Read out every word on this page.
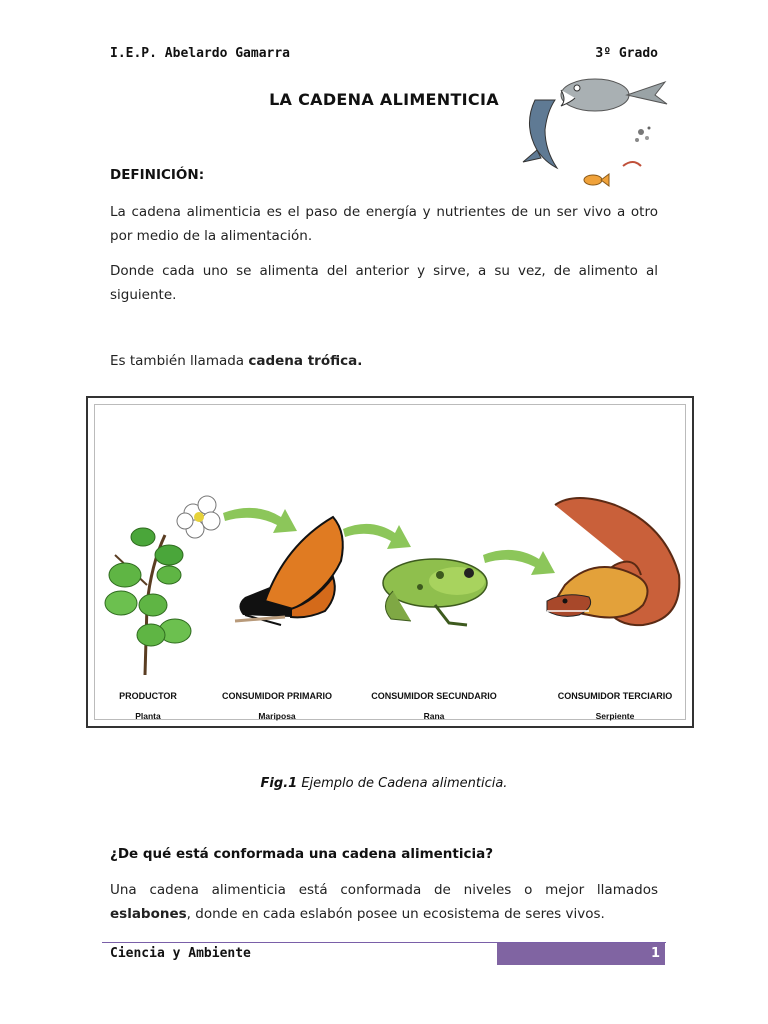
I.E.P. Abelardo Gamarra	3º Grado
LA CADENA ALIMENTICIA
DEFINICIÓN:
La cadena alimenticia es el paso de energía y nutrientes de un ser vivo a otro por medio de la alimentación.
Donde cada uno se alimenta del anterior y sirve, a su vez, de alimento al siguiente.
Es también llamada cadena trófica.
PRODUCTOR
Planta
CONSUMIDOR PRIMARIO
Mariposa
CONSUMIDOR SECUNDARIO
Rana
CONSUMIDOR TERCIARIO
Serpiente
Fig.1 Ejemplo de Cadena alimenticia.
¿De qué está conformada una cadena alimenticia?
Una cadena alimenticia está conformada de niveles o mejor llamados eslabones, donde en cada eslabón posee un ecosistema de seres vivos.
Ciencia y Ambiente	1
